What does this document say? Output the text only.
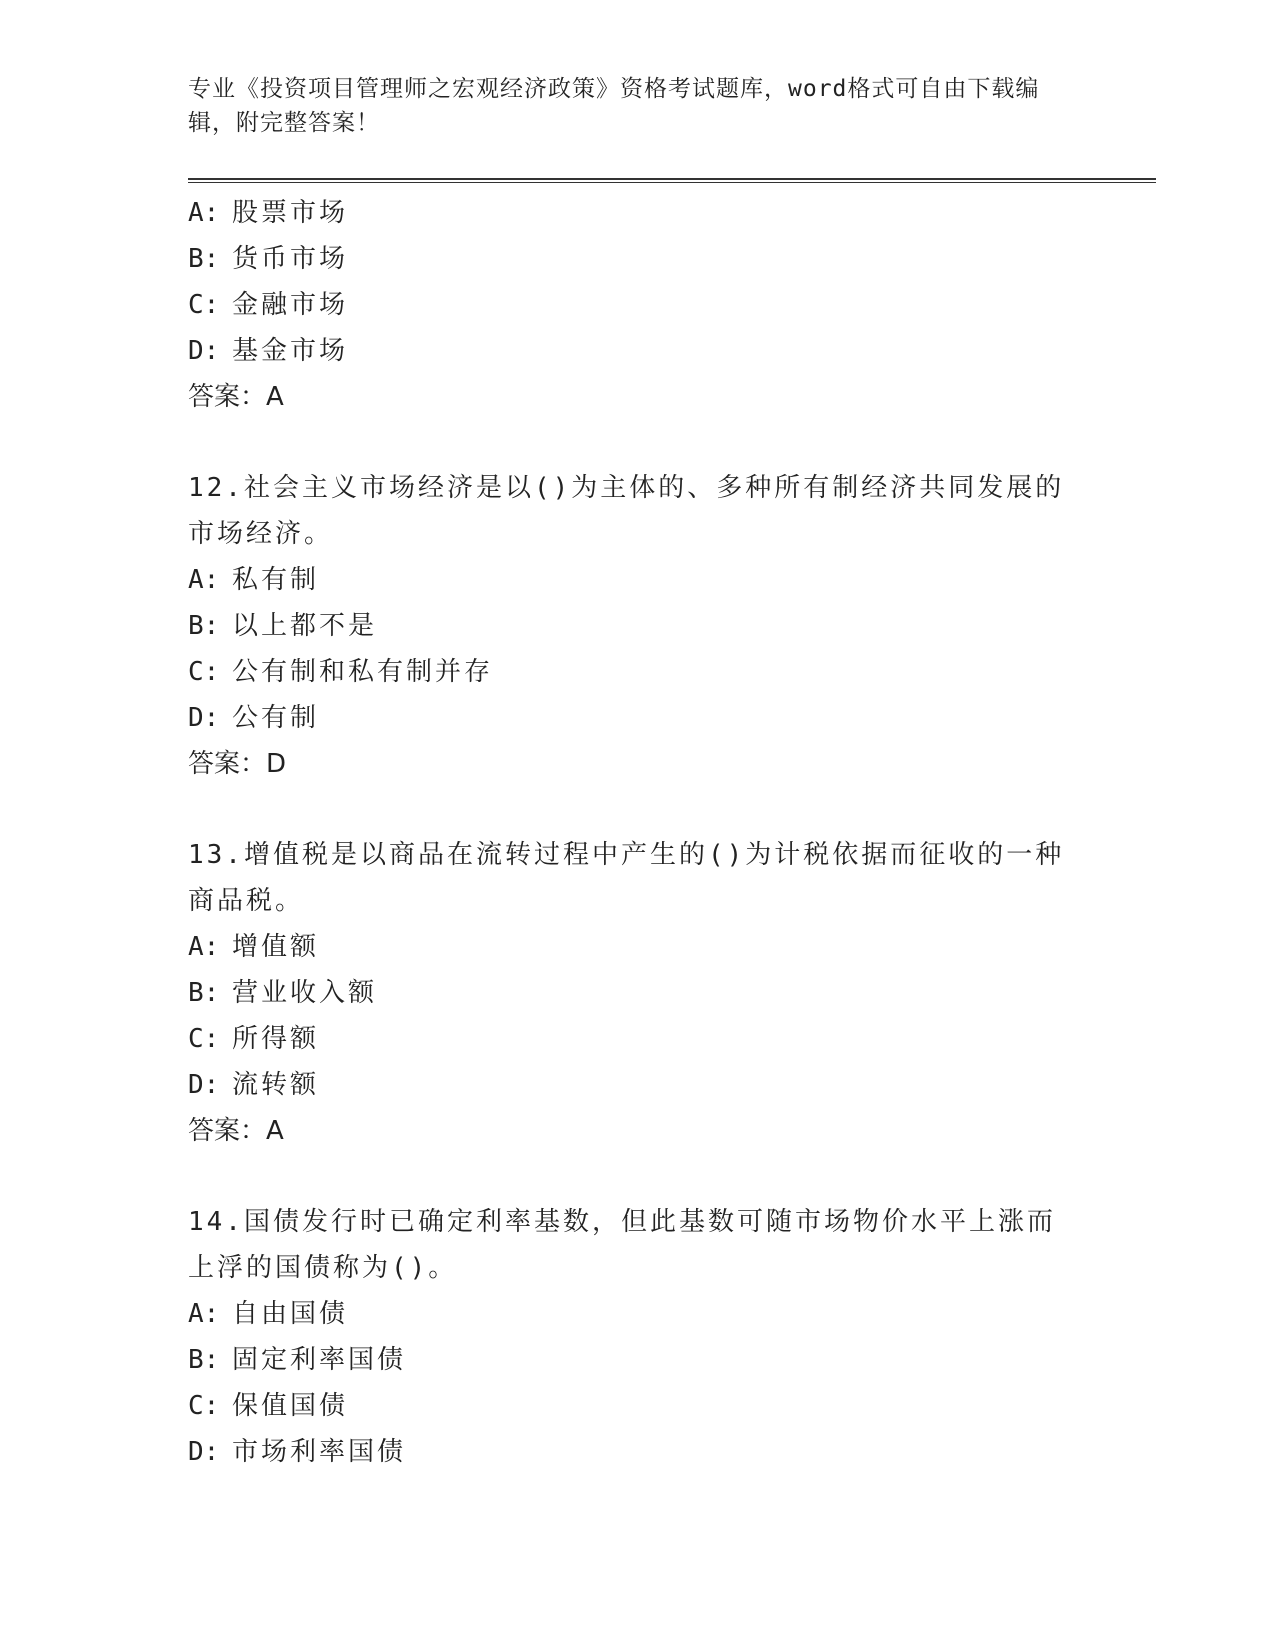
专业《投资项目管理师之宏观经济政策》资格考试题库，word格式可自由下载编辑，附完整答案！
A: 股票市场
B: 货币市场
C: 金融市场
D: 基金市场
答案：A
12.社会主义市场经济是以()为主体的、多种所有制经济共同发展的市场经济。
A: 私有制
B: 以上都不是
C: 公有制和私有制并存
D: 公有制
答案：D
13.增值税是以商品在流转过程中产生的()为计税依据而征收的一种商品税。
A: 增值额
B: 营业收入额
C: 所得额
D: 流转额
答案：A
14.国债发行时已确定利率基数，但此基数可随市场物价水平上涨而上浮的国债称为()。
A: 自由国债
B: 固定利率国债
C: 保值国债
D: 市场利率国债
